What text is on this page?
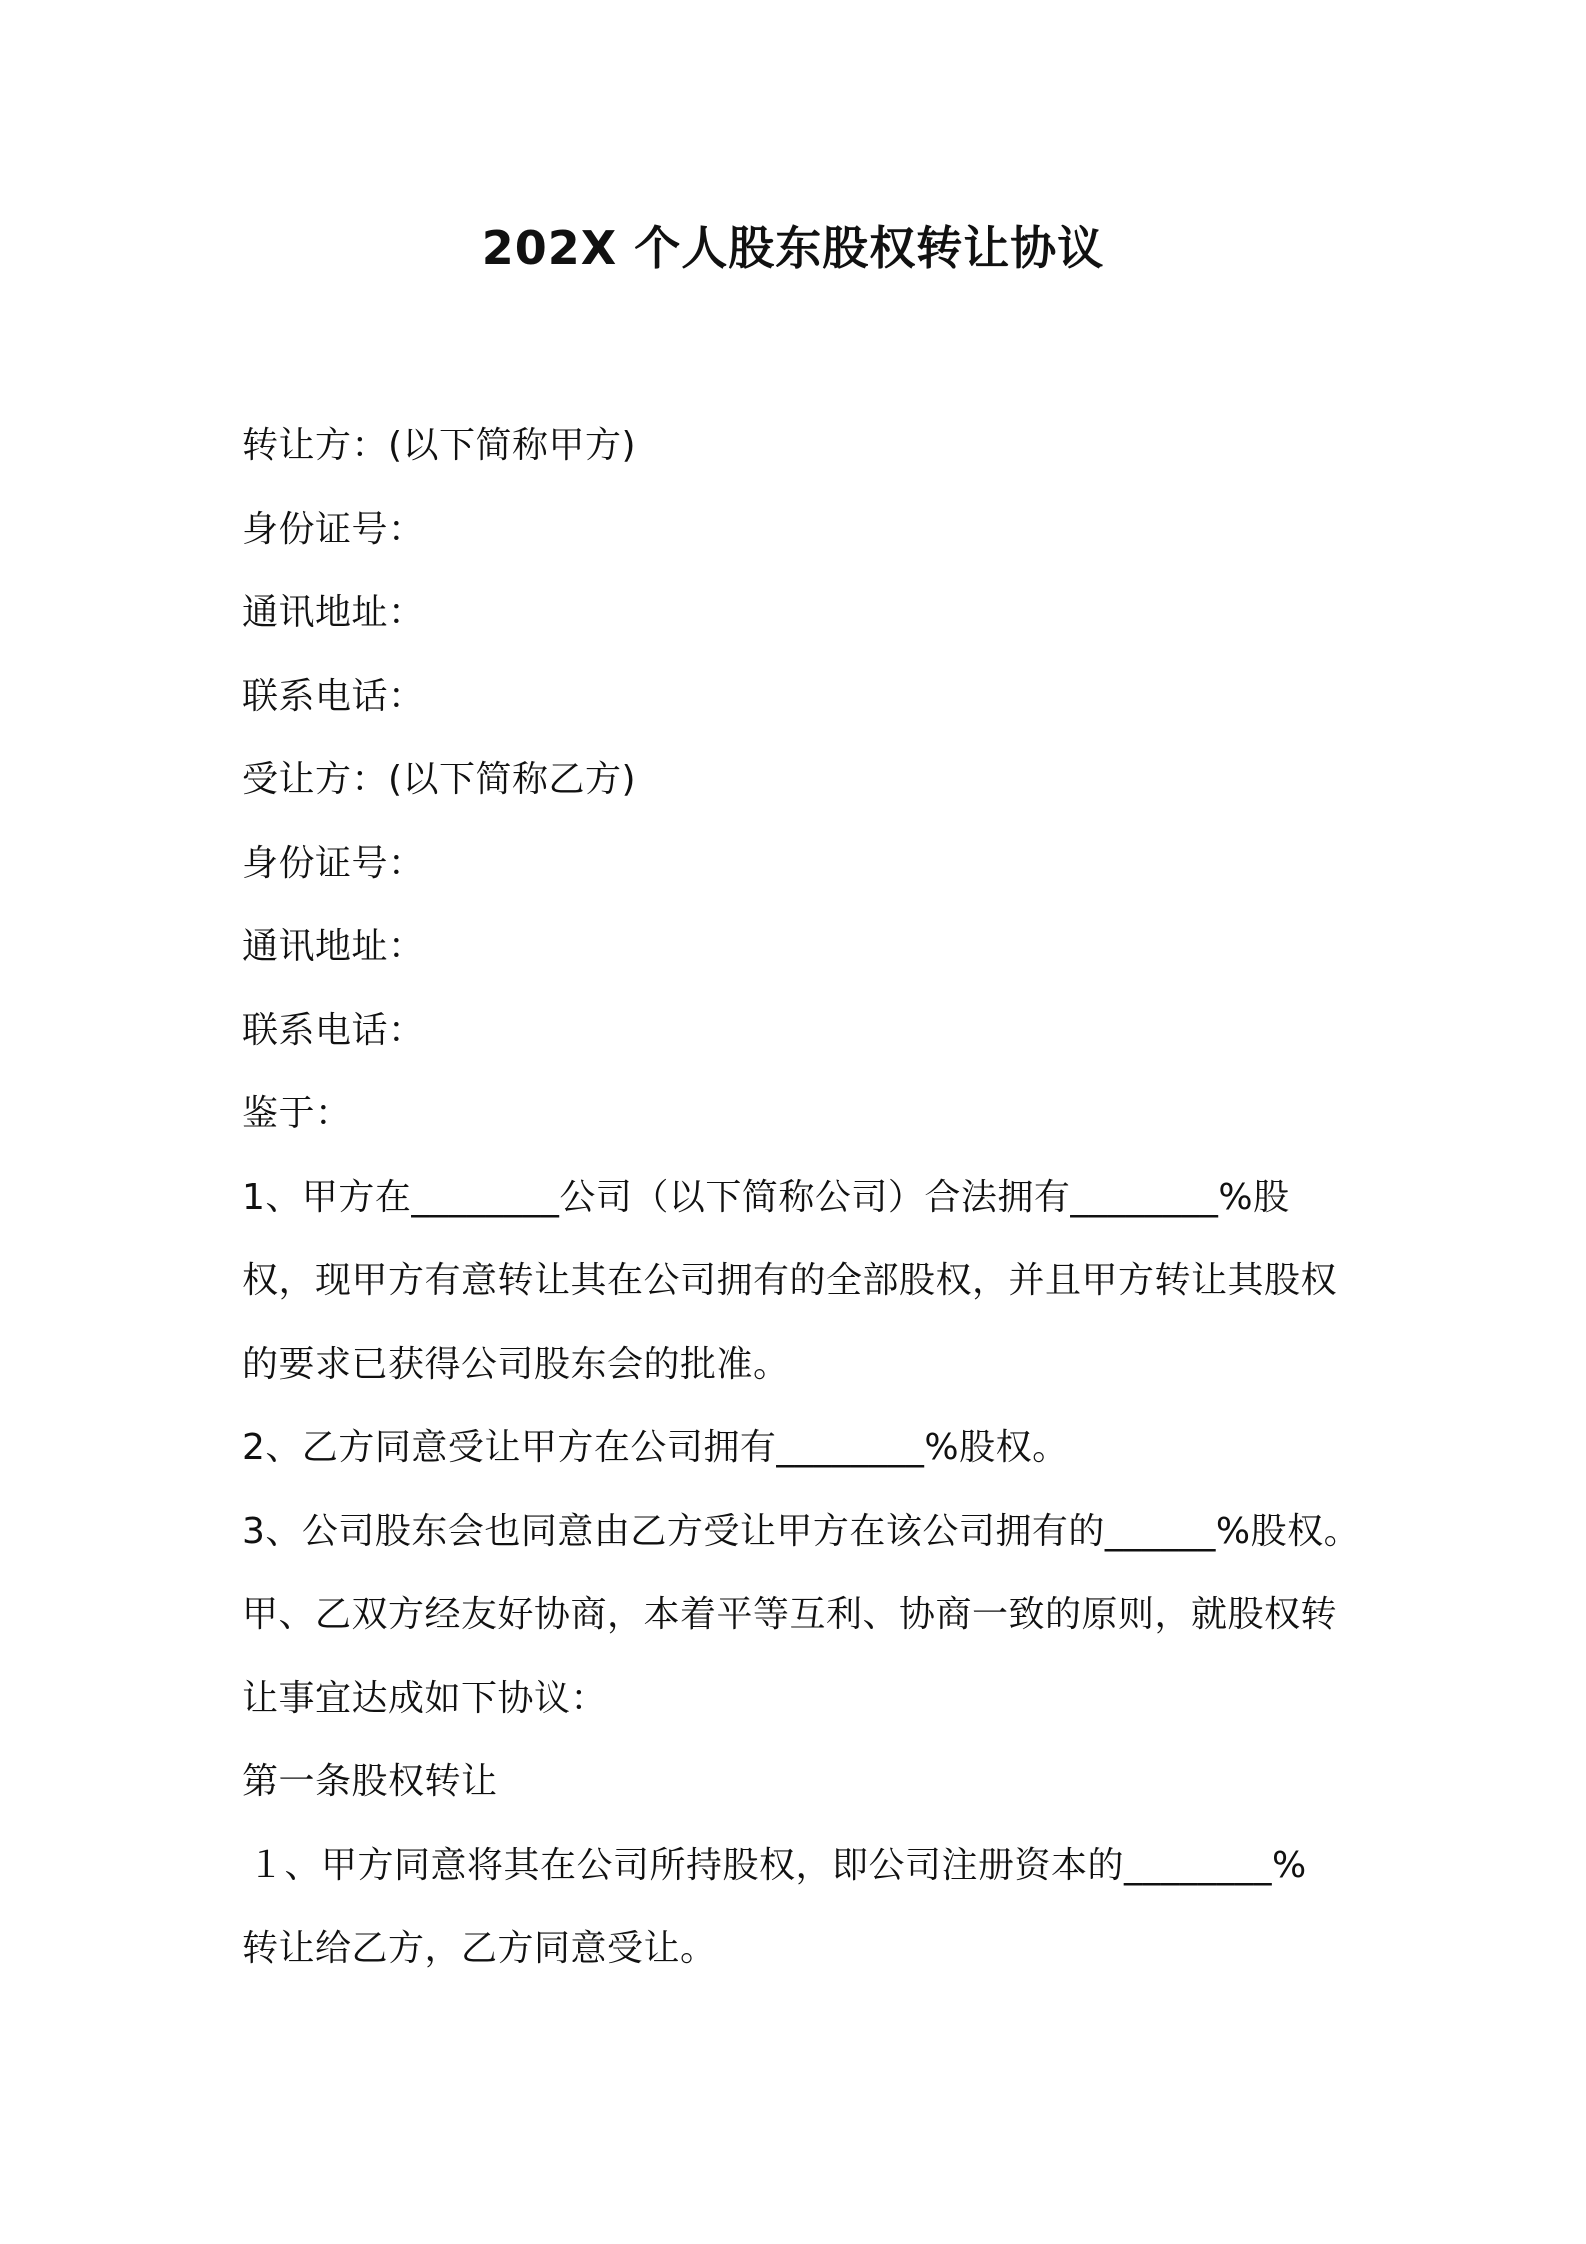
202X 个人股东股权转让协议
转让方：(以下简称甲方)
身份证号：
通讯地址：
联系电话：
受让方：(以下简称乙方)
身份证号：
通讯地址：
联系电话：
鉴于：
1、甲方在________公司（以下简称公司）合法拥有________%股
权，现甲方有意转让其在公司拥有的全部股权，并且甲方转让其股权
的要求已获得公司股东会的批准。
2、乙方同意受让甲方在公司拥有________%股权。
3、公司股东会也同意由乙方受让甲方在该公司拥有的______%股权。
甲、乙双方经友好协商，本着平等互利、协商一致的原则，就股权转
让事宜达成如下协议：
第一条股权转让
１、甲方同意将其在公司所持股权，即公司注册资本的________%
转让给乙方，乙方同意受让。
